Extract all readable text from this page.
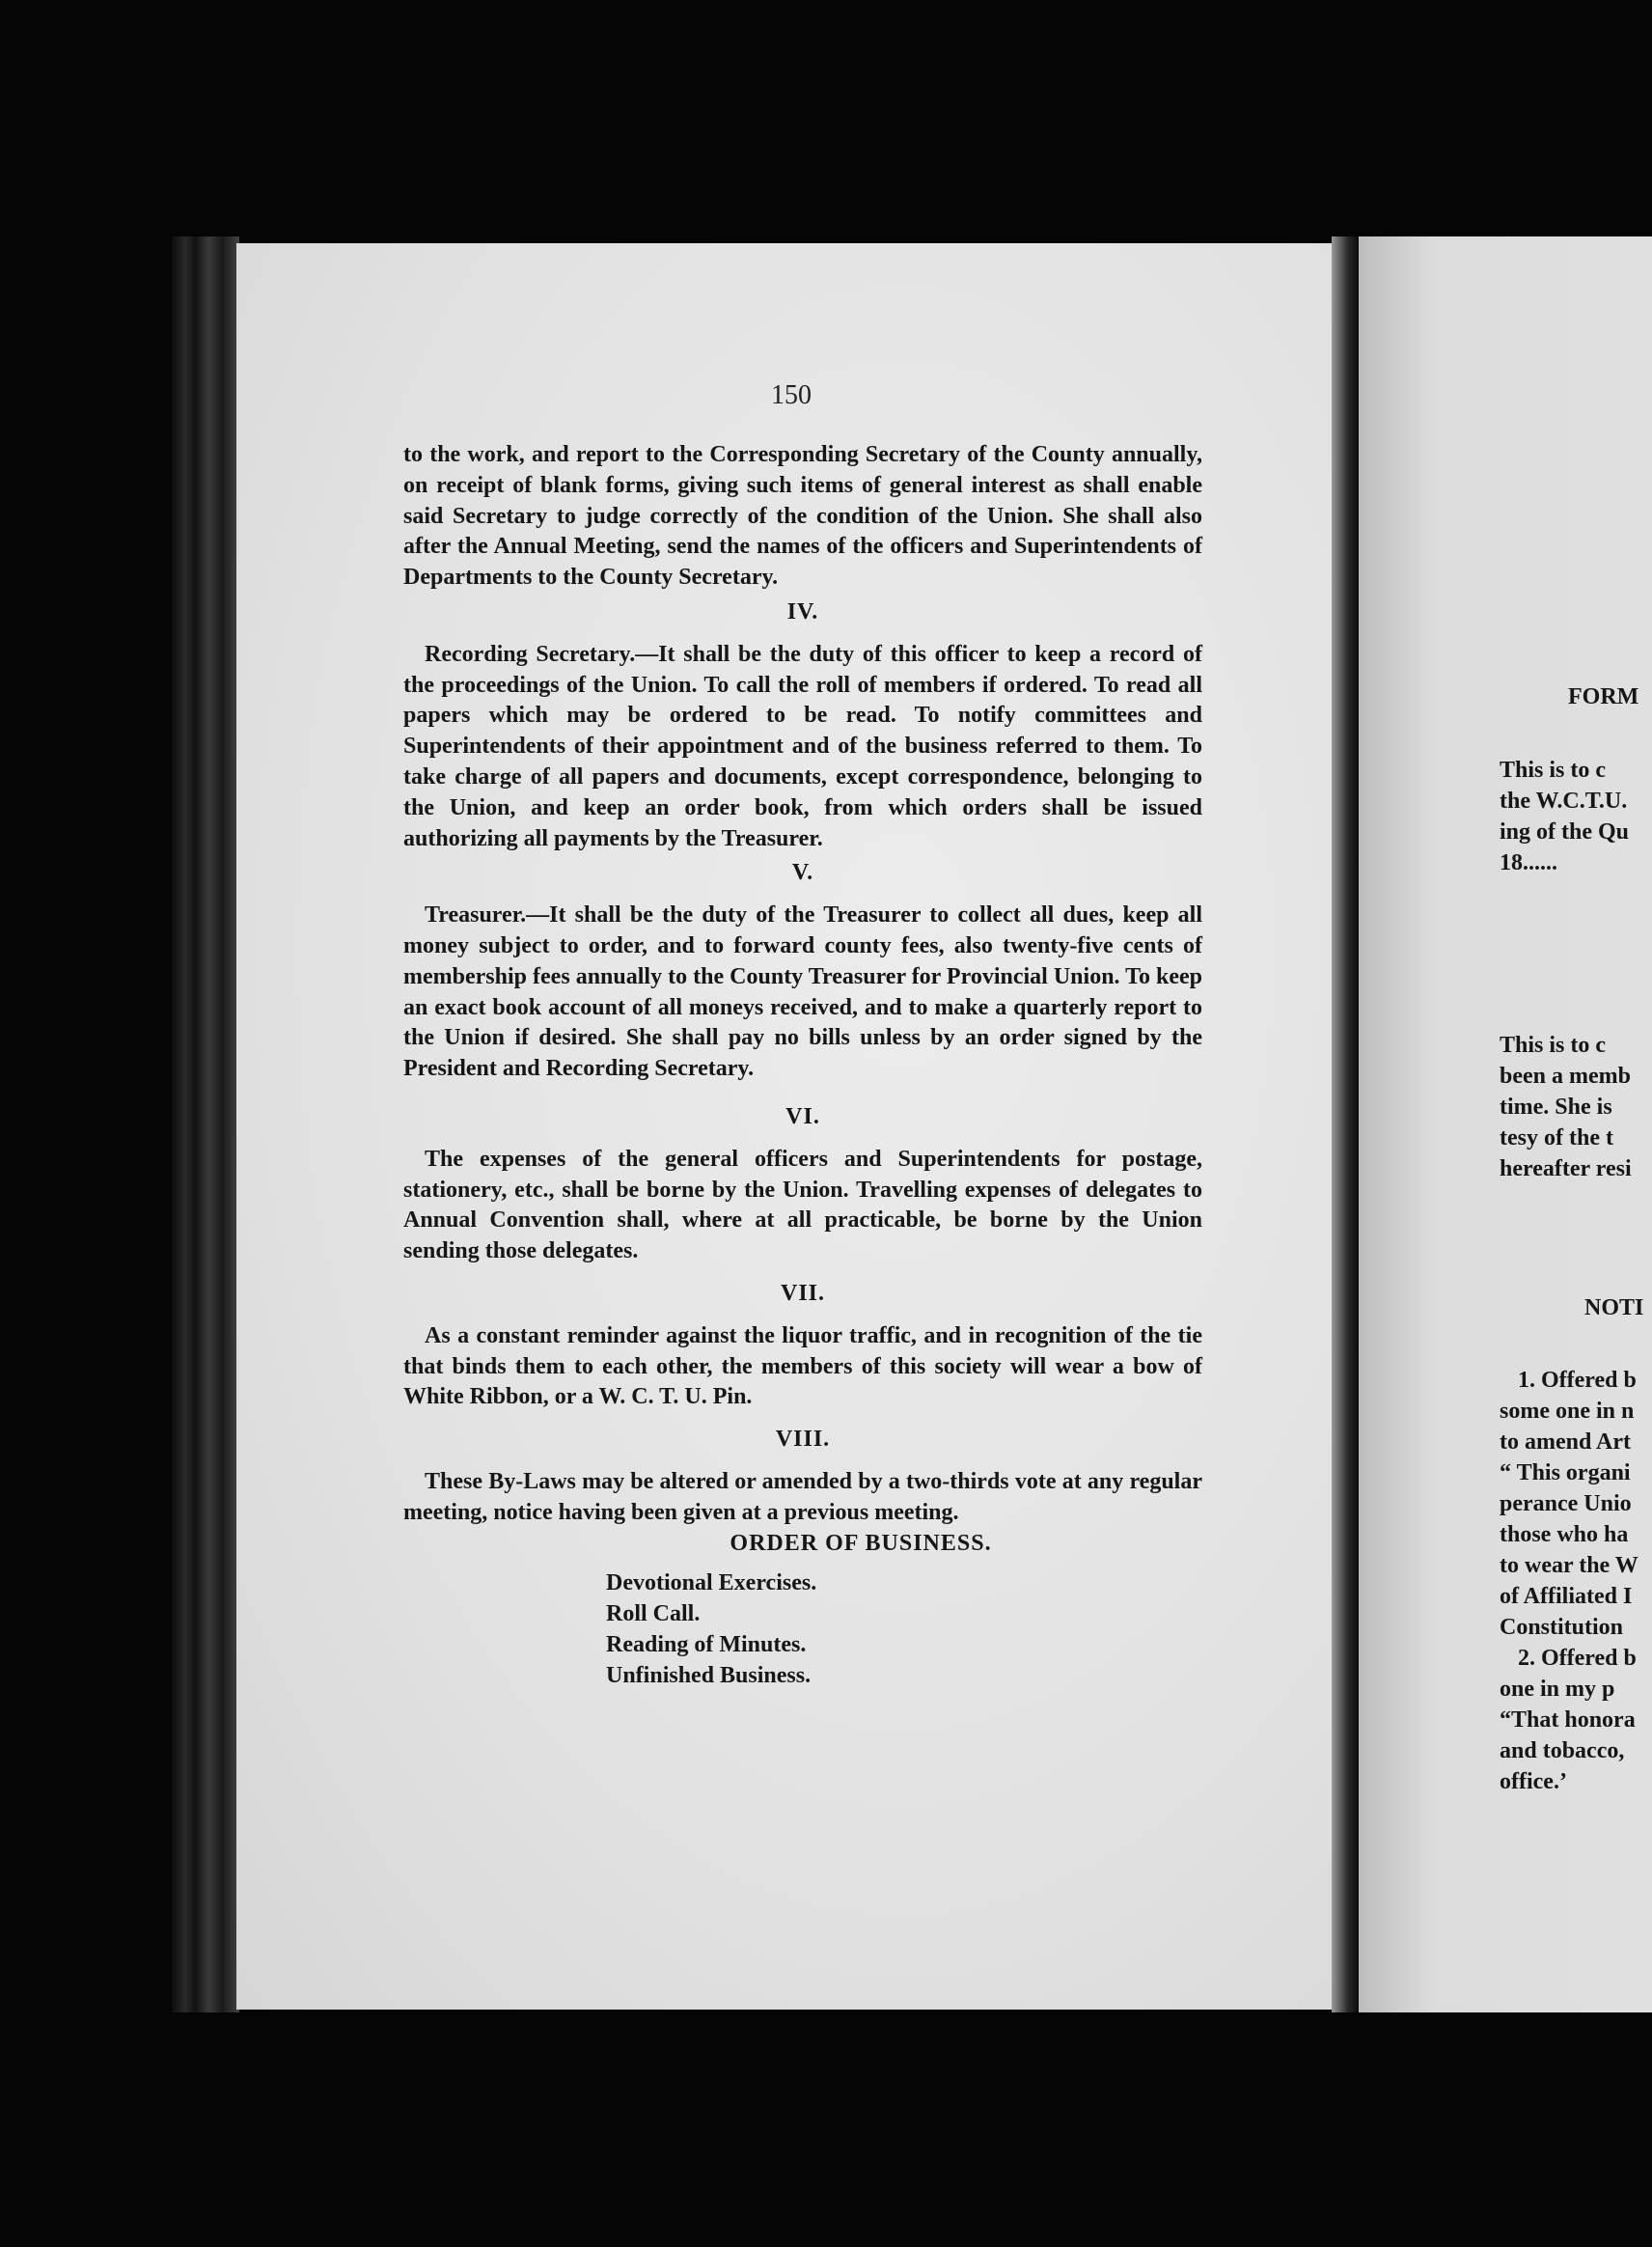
150

to the work, and report to the Corresponding Secretary of the County annually, on receipt of blank forms, giving such items of general interest as shall enable said Secretary to judge correctly of the condition of the Union. She shall also after the Annual Meeting, send the names of the officers and Superintendents of Departments to the County Secretary.

IV.

Recording Secretary.—It shall be the duty of this officer to keep a record of the proceedings of the Union. To call the roll of members if ordered. To read all papers which may be ordered to be read. To notify committees and Superintendents of their appointment and of the business referred to them. To take charge of all papers and documents, except correspondence, belonging to the Union, and keep an order book, from which orders shall be issued authorizing all payments by the Treasurer.

V.

Treasurer.—It shall be the duty of the Treasurer to collect all dues, keep all money subject to order, and to forward county fees, also twenty-five cents of membership fees annually to the County Treasurer for Provincial Union. To keep an exact book account of all moneys received, and to make a quarterly report to the Union if desired. She shall pay no bills unless by an order signed by the President and Recording Secretary.

VI.

The expenses of the general officers and Superintendents for postage, stationery, etc., shall be borne by the Union. Travelling expenses of delegates to Annual Convention shall, where at all practicable, be borne by the Union sending those delegates.

VII.

As a constant reminder against the liquor traffic, and in recognition of the tie that binds them to each other, the members of this society will wear a bow of White Ribbon, or a W. C. T. U. Pin.

VIII.

These By-Laws may be altered or amended by a two-thirds vote at any regular meeting, notice having been given at a previous meeting.

ORDER OF BUSINESS.
Devotional Exercises.
Roll Call.
Reading of Minutes.
Unfinished Business.
FORM
This is to c
the W.C.T.U.
ing of the Qu
18......
This is to c
been a memb
time. She is
tesy of the t
hereafter resi
NOTI
1. Offered b
some one in n
to amend Art
“ This organi
perance Unio
those who ha
to wear the W
of Affiliated I
Constitution
2. Offered b
one in my p
“That honora
and tobacco,
office.’
